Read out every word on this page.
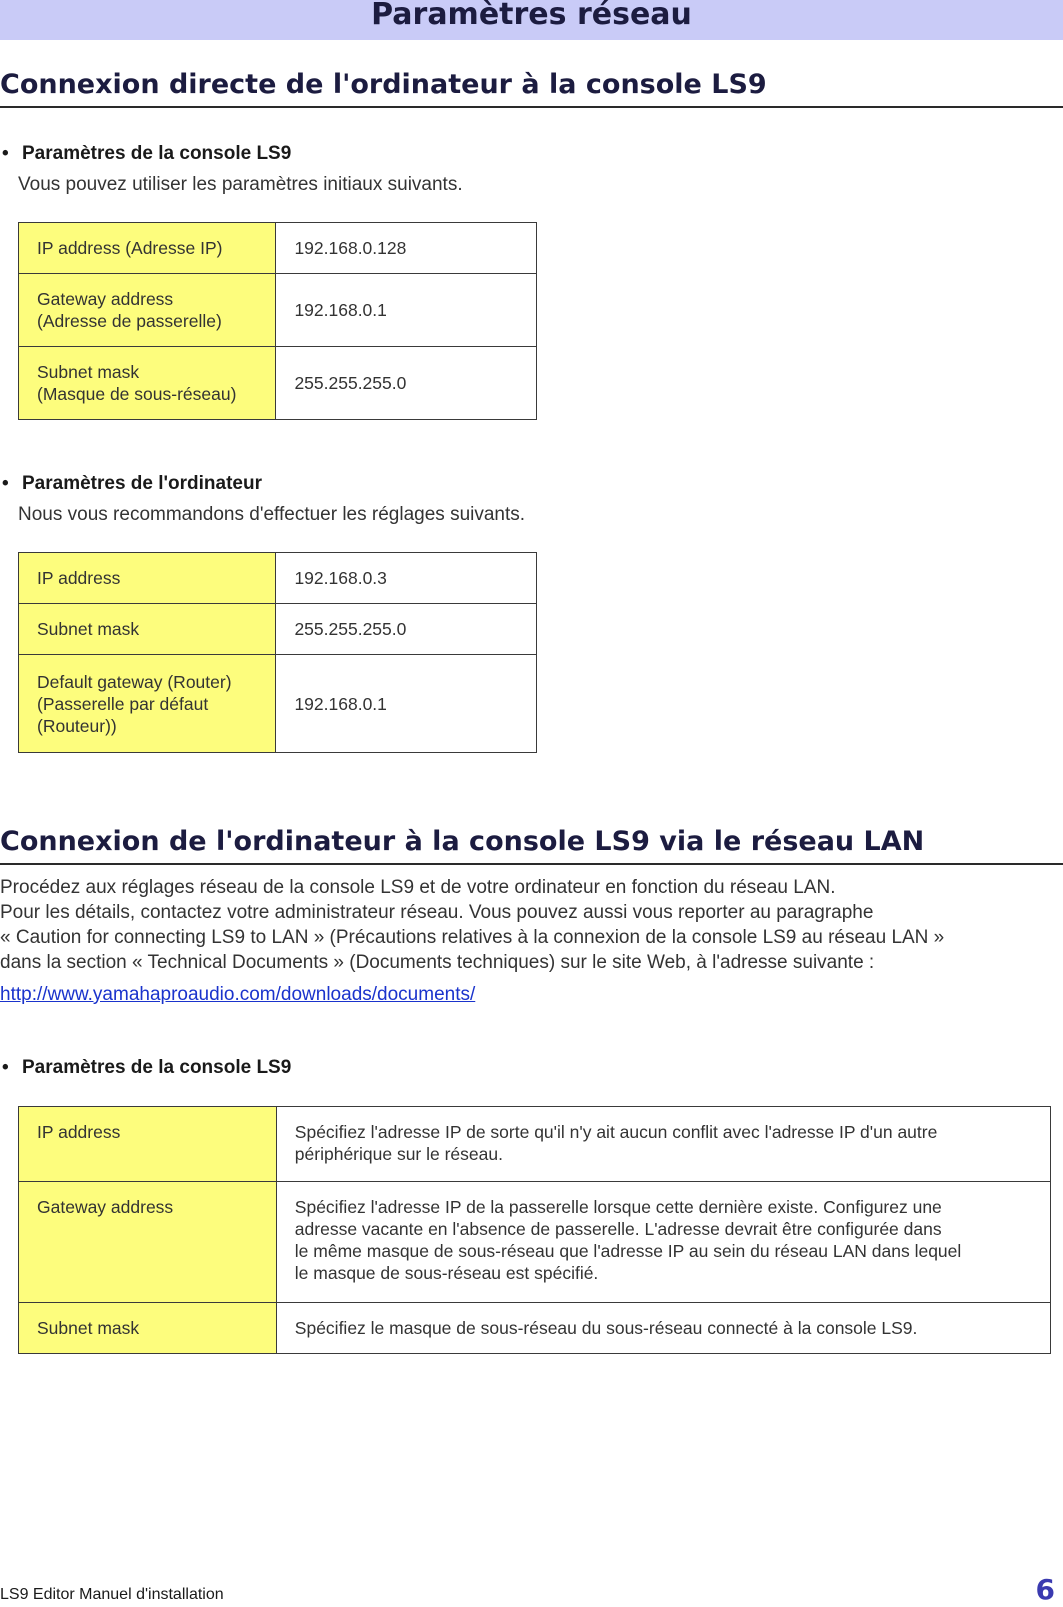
Paramètres réseau
Connexion directe de l'ordinateur à la console LS9
• Paramètres de la console LS9
Vous pouvez utiliser les paramètres initiaux suivants.
IP address (Adresse IP)	192.168.0.128
Gateway address
(Adresse de passerelle)	192.168.0.1
Subnet mask
(Masque de sous-réseau)	255.255.255.0
• Paramètres de l'ordinateur
Nous vous recommandons d'effectuer les réglages suivants.
IP address	192.168.0.3
Subnet mask	255.255.255.0
Default gateway (Router)
(Passerelle par défaut
(Routeur))	192.168.0.1
Connexion de l'ordinateur à la console LS9 via le réseau LAN
Procédez aux réglages réseau de la console LS9 et de votre ordinateur en fonction du réseau LAN.
Pour les détails, contactez votre administrateur réseau. Vous pouvez aussi vous reporter au paragraphe
« Caution for connecting LS9 to LAN » (Précautions relatives à la connexion de la console LS9 au réseau LAN »
dans la section « Technical Documents » (Documents techniques) sur le site Web, à l'adresse suivante :
http://www.yamahaproaudio.com/downloads/documents/
• Paramètres de la console LS9
IP address	Spécifiez l'adresse IP de sorte qu'il n'y ait aucun conflit avec l'adresse IP d'un autre
périphérique sur le réseau.
Gateway address	Spécifiez l'adresse IP de la passerelle lorsque cette dernière existe. Configurez une
adresse vacante en l'absence de passerelle. L'adresse devrait être configurée dans
le même masque de sous-réseau que l'adresse IP au sein du réseau LAN dans lequel
le masque de sous-réseau est spécifié.
Subnet mask	Spécifiez le masque de sous-réseau du sous-réseau connecté à la console LS9.
LS9 Editor Manuel d'installation	6
